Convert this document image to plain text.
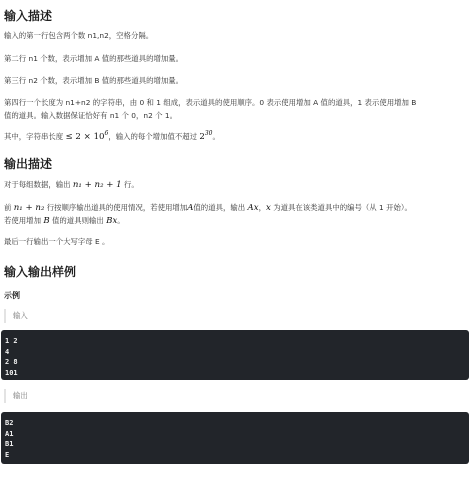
输入描述

输入的第一行包含两个数 n1,n2，空格分隔。

第二行 n1 个数，表示增加 A 值的那些道具的增加量。

第三行 n2 个数，表示增加 B 值的那些道具的增加量。

第四行一个长度为 n1+n2 的字符串，由 0 和 1 组成，表示道具的使用顺序。0 表示使用增加 A 值的道具，1 表示使用增加 B

值的道具。输入数据保证恰好有 n1 个 0，n2 个 1。

其中，字符串长度 ≤ $2 \times 10^6$，输入的每个增加值不超过 $2^{30}$。

输出描述

对于每组数据，输出 n₁ + n₂ + 1 行。

前 n₁ + n₂ 行按顺序输出道具的使用情况，若使用增加A值的道具，输出 Ax，x 为道具在该类道具中的编号（从 1 开始）。

若使用增加 B 值的道具则输出 Bx。

最后一行输出一个大写字母 E 。

输入输出样例
示例
输入
1 2
4
2 8
101
输出
B2
A1
B1
E
